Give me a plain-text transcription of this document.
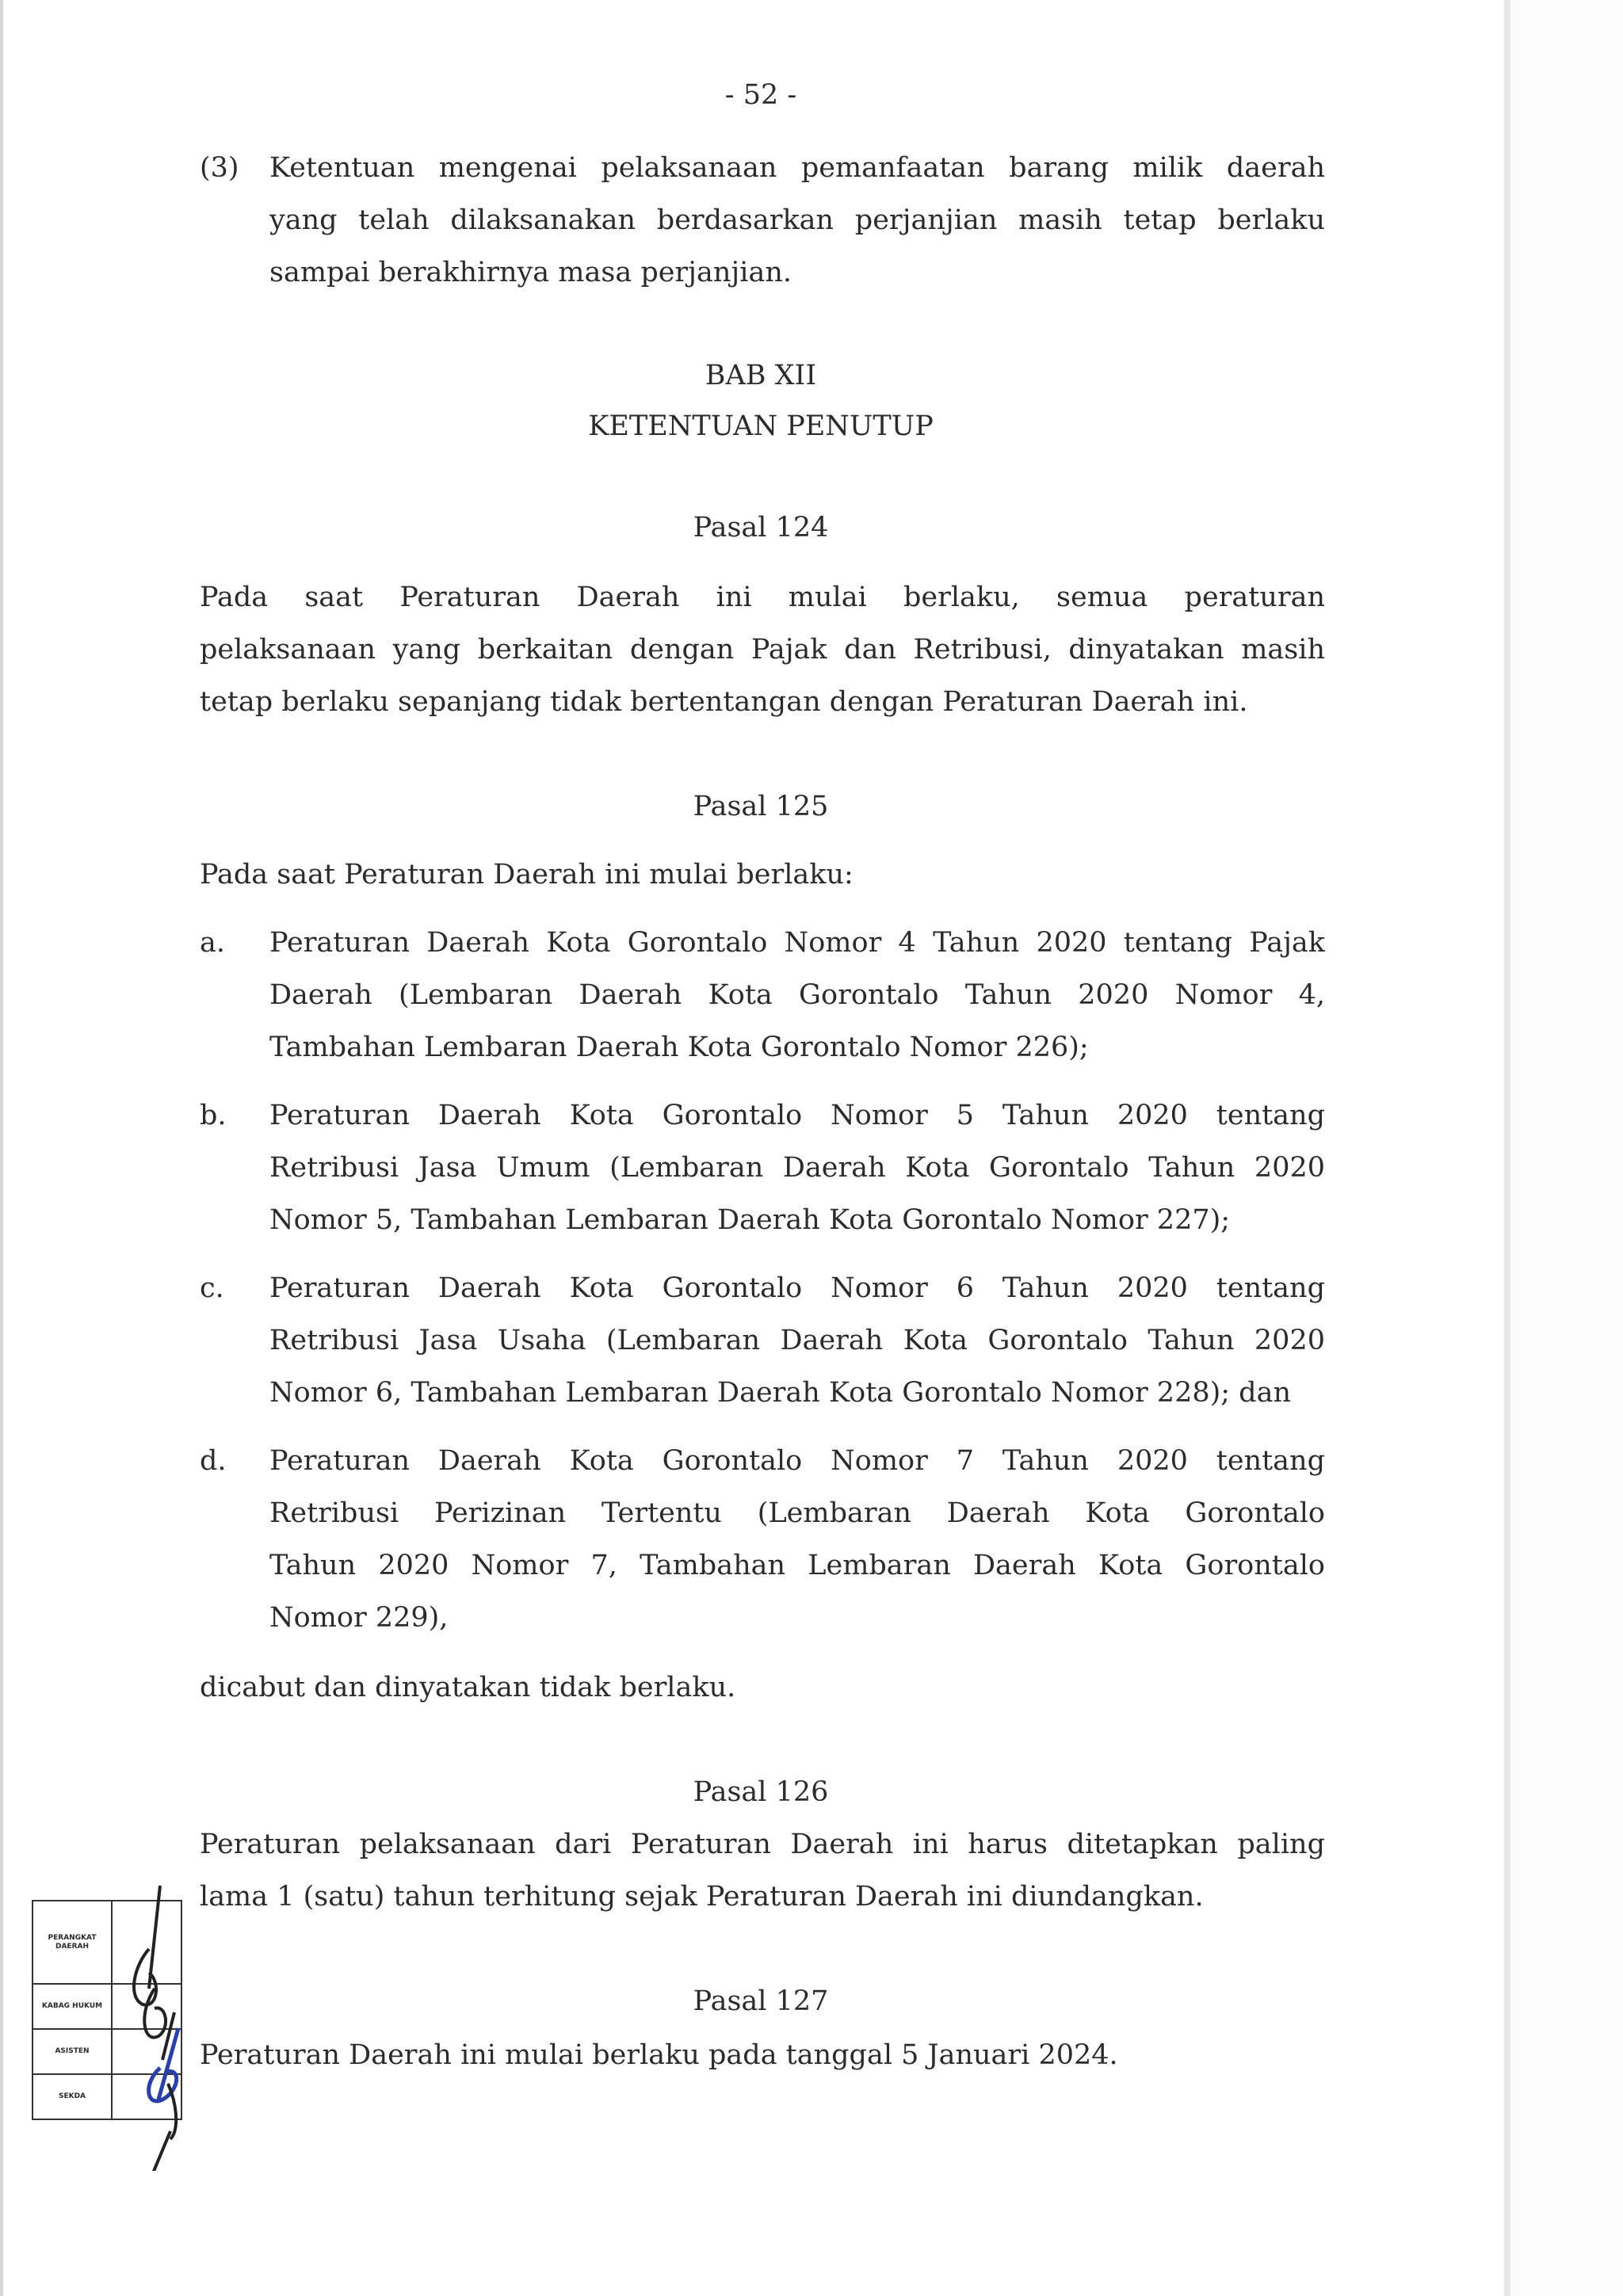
- 52 -
(3) Ketentuan mengenai pelaksanaan pemanfaatan barang milik daerah
yang telah dilaksanakan berdasarkan perjanjian masih tetap berlaku
sampai berakhirnya masa perjanjian.
BAB XII
KETENTUAN PENUTUP
Pasal 124
Pada saat Peraturan Daerah ini mulai berlaku, semua peraturan
pelaksanaan yang berkaitan dengan Pajak dan Retribusi, dinyatakan masih
tetap berlaku sepanjang tidak bertentangan dengan Peraturan Daerah ini.
Pasal 125
Pada saat Peraturan Daerah ini mulai berlaku:
a. Peraturan Daerah Kota Gorontalo Nomor 4 Tahun 2020 tentang Pajak
Daerah (Lembaran Daerah Kota Gorontalo Tahun 2020 Nomor 4,
Tambahan Lembaran Daerah Kota Gorontalo Nomor 226);
b. Peraturan Daerah Kota Gorontalo Nomor 5 Tahun 2020 tentang
Retribusi Jasa Umum (Lembaran Daerah Kota Gorontalo Tahun 2020
Nomor 5, Tambahan Lembaran Daerah Kota Gorontalo Nomor 227);
c. Peraturan Daerah Kota Gorontalo Nomor 6 Tahun 2020 tentang
Retribusi Jasa Usaha (Lembaran Daerah Kota Gorontalo Tahun 2020
Nomor 6, Tambahan Lembaran Daerah Kota Gorontalo Nomor 228); dan
d. Peraturan Daerah Kota Gorontalo Nomor 7 Tahun 2020 tentang
Retribusi Perizinan Tertentu (Lembaran Daerah Kota Gorontalo
Tahun 2020 Nomor 7, Tambahan Lembaran Daerah Kota Gorontalo
Nomor 229),
dicabut dan dinyatakan tidak berlaku.
Pasal 126
Peraturan pelaksanaan dari Peraturan Daerah ini harus ditetapkan paling
lama 1 (satu) tahun terhitung sejak Peraturan Daerah ini diundangkan.
Pasal 127
Peraturan Daerah ini mulai berlaku pada tanggal 5 Januari 2024.
PERANGKAT DAERAH	
KABAG HUKUM	
ASISTEN	
SEKDA	
